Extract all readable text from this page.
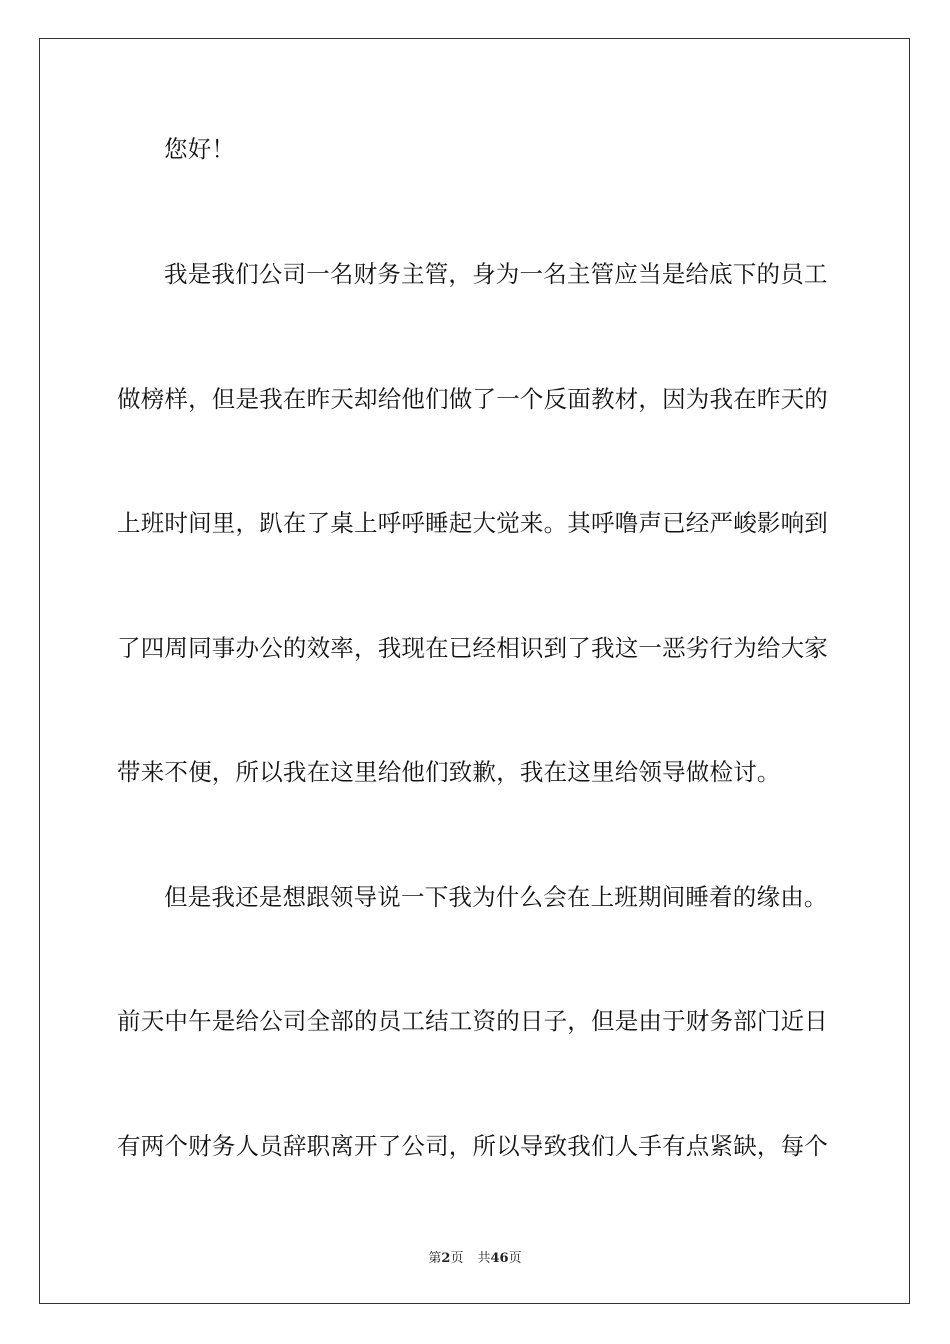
您好！
我是我们公司一名财务主管，身为一名主管应当是给底下的员工
做榜样，但是我在昨天却给他们做了一个反面教材，因为我在昨天的
上班时间里，趴在了桌上呼呼睡起大觉来。其呼噜声已经严峻影响到
了四周同事办公的效率，我现在已经相识到了我这一恶劣行为给大家
带来不便，所以我在这里给他们致歉，我在这里给领导做检讨。
但是我还是想跟领导说一下我为什么会在上班期间睡着的缘由。
前天中午是给公司全部的员工结工资的日子，但是由于财务部门近日
有两个财务人员辞职离开了公司，所以导致我们人手有点紧缺，每个
第2页 共46页
